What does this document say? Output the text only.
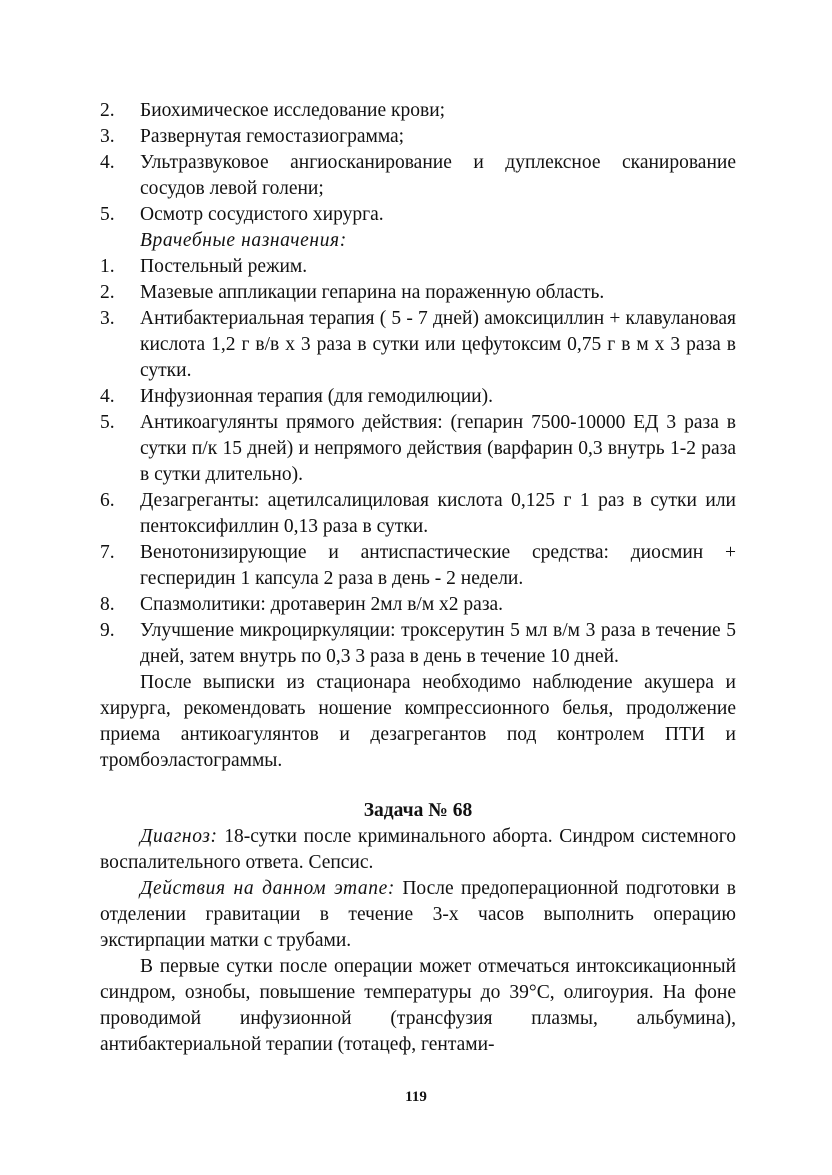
2.	Биохимическое исследование крови;
3.	Развернутая гемостазиограмма;
4.	Ультразвуковое ангиосканирование и дуплексное сканирование сосудов левой голени;
5.	Осмотр сосудистого хирурга.
Врачебные назначения:
1.	Постельный режим.
2.	Мазевые аппликации гепарина на пораженную область.
3.	Антибактериальная терапия ( 5 - 7 дней) амоксициллин + клавулановая кислота 1,2 г в/в х 3 раза в сутки или цефутоксим 0,75 г в м х 3 раза в сутки.
4.	Инфузионная терапия (для гемодилюции).
5.	Антикоагулянты прямого действия: (гепарин 7500-10000 ЕД 3 раза в сутки п/к 15 дней) и непрямого действия (варфарин 0,3 внутрь 1-2 раза в сутки длительно).
6.	Дезагреганты: ацетилсалициловая кислота 0,125 г 1 раз в сутки или пентоксифиллин 0,13 раза в сутки.
7.	Венотонизирующие и антиспастические средства: диосмин + гесперидин 1 капсула 2 раза в день - 2 недели.
8.	Спазмолитики: дротаверин 2мл в/м х2 раза.
9.	Улучшение микроциркуляции: троксерутин 5 мл в/м 3 раза в течение 5 дней, затем внутрь по 0,3 3 раза в день в течение 10 дней.

После выписки из стационара необходимо наблюдение акушера и хирурга, рекомендовать ношение компрессионного белья, продолжение приема антикоагулянтов и дезагрегантов под контролем ПТИ и тромбоэластограммы.

Задача № 68

Диагноз: 18-сутки после криминального аборта. Синдром системного воспалительного ответа. Сепсис.

Действия на данном этапе: После предоперационной подготовки в отделении гравитации в течение 3-х часов выполнить операцию экстирпации матки с трубами.

В первые сутки после операции может отмечаться интоксикационный синдром, ознобы, повышение температуры до 39°С, олигоурия. На фоне проводимой инфузионной (трансфузия плазмы, альбумина), антибактериальной терапии (тотацеф, гентами-

119
